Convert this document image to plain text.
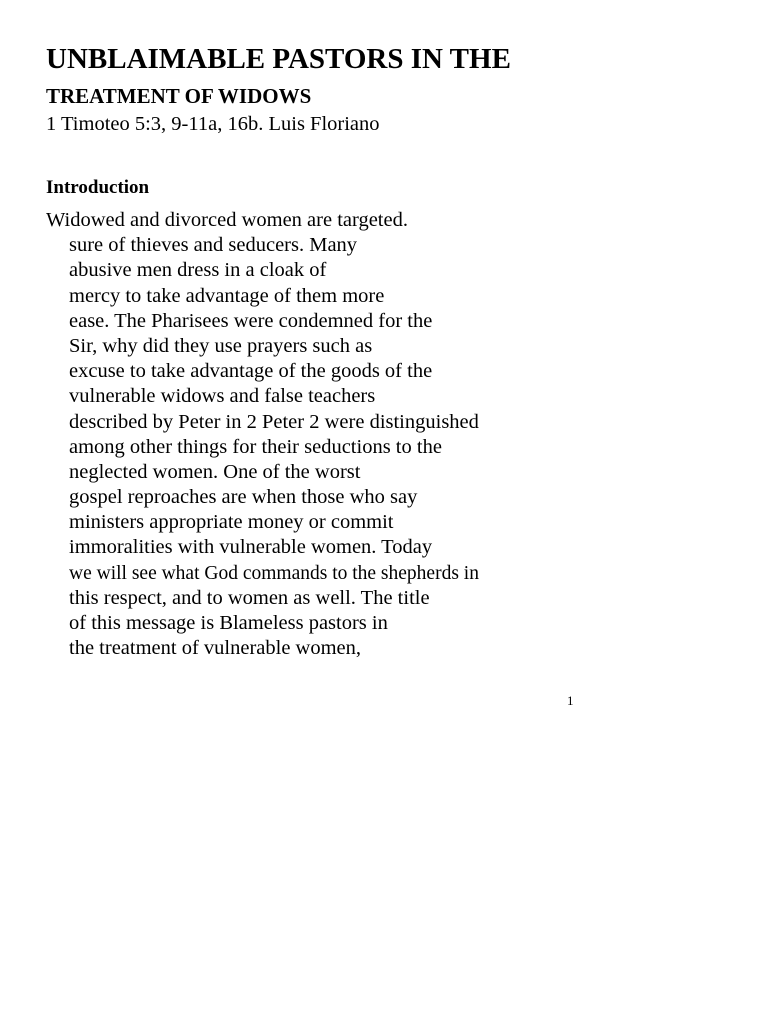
UNBLAIMABLE PASTORS IN THE
TREATMENT OF WIDOWS
1 Timoteo 5:3, 9-11a, 16b. Luis Floriano
Introduction
Widowed and divorced women are targeted.
sure of thieves and seducers. Many
abusive men dress in a cloak of
mercy to take advantage of them more
ease. The Pharisees were condemned for the
Sir, why did they use prayers such as
excuse to take advantage of the goods of the
vulnerable widows and false teachers
described by Peter in 2 Peter 2 were distinguished
among other things for their seductions to the
neglected women. One of the worst
gospel reproaches are when those who say
ministers appropriate money or commit
immoralities with vulnerable women. Today
we will see what God commands to the shepherds in
this respect, and to women as well. The title
of this message is Blameless pastors in
the treatment of vulnerable women,
1
